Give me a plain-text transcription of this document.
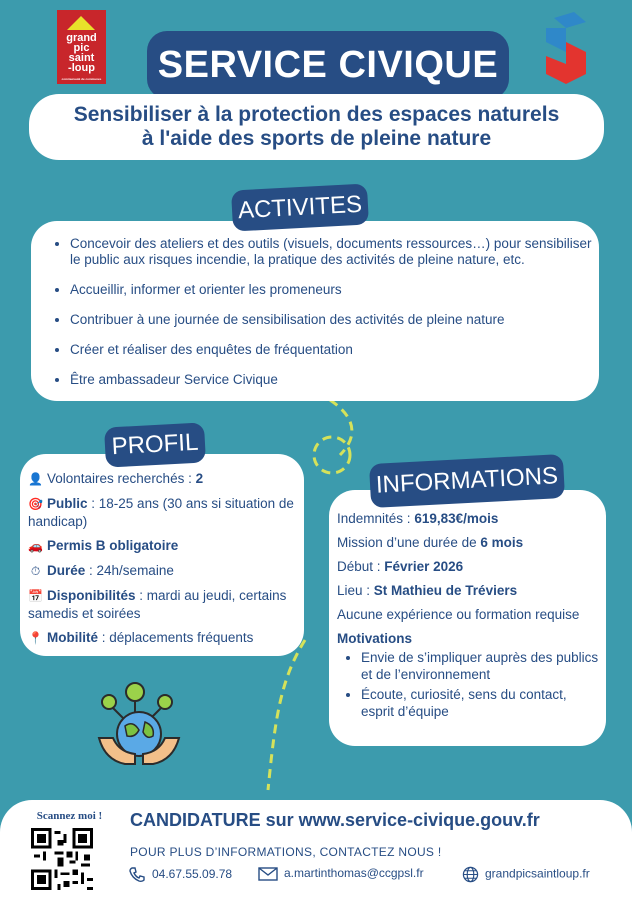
grand
pic
saint
-loup
communauté de communes SERVICE CIVIQUE
Sensibiliser à la protection des espaces naturels
à l'aide des sports de pleine nature
ACTIVITES
• Concevoir des ateliers et des outils (visuels, documents ressources…) pour sensibiliser le public aux risques incendie, la pratique des activités de pleine nature, etc.
• Accueillir, informer et orienter les promeneurs
• Contribuer à une journée de sensibilisation des activités de pleine nature
• Créer et réaliser des enquêtes de fréquentation
• Être ambassadeur Service Civique
PROFIL
👤 Volontaires recherchés : 2
🎯 Public : 18-25 ans (30 ans si situation de handicap)
🚗 Permis B obligatoire
⏱ Durée : 24h/semaine
📅 Disponibilités : mardi au jeudi, certains samedis et soirées
📍 Mobilité : déplacements fréquents
INFORMATIONS
Indemnités : 619,83€/mois
Mission d’une durée de 6 mois
Début : Février 2026
Lieu : St Mathieu de Tréviers
Aucune expérience ou formation requise
Motivations
• Envie de s’impliquer auprès des publics et de l’environnement
• Écoute, curiosité, sens du contact, esprit d’équipe
Scannez moi !	CANDIDATURE sur www.service-civique.gouv.fr
POUR PLUS D’INFORMATIONS, CONTACTEZ NOUS !
04.67.55.09.78	a.martinthomas@ccgpsl.fr	grandpicsaintloup.fr
